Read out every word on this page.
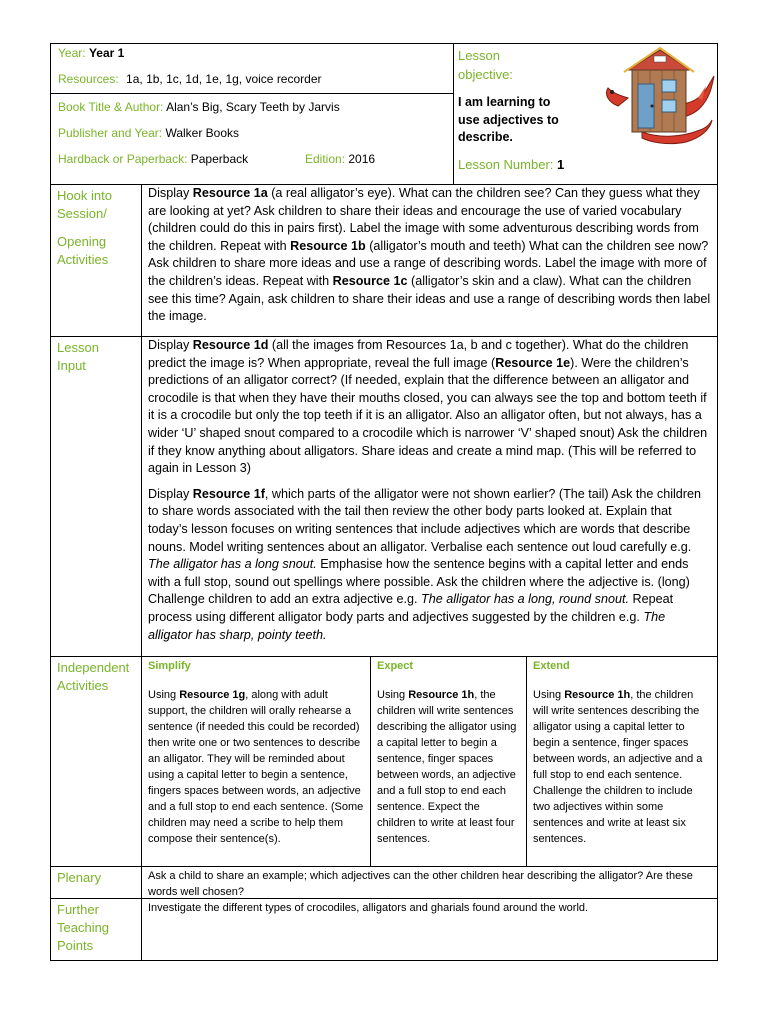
Year: Year 1
Resources: 1a, 1b, 1c, 1d, 1e, 1g, voice recorder
Book Title & Author: Alan’s Big, Scary Teeth by Jarvis
Publisher and Year: Walker Books
Hardback or Paperback: Paperback	Edition: 2016
Lesson objective:
I am learning to use adjectives to describe.
Lesson Number: 1
Hook into Session/
Opening Activities

Display Resource 1a (a real alligator’s eye). What can the children see? Can they guess what they are looking at yet? Ask children to share their ideas and encourage the use of varied vocabulary (children could do this in pairs first). Label the image with some adventurous describing words from the children. Repeat with Resource 1b (alligator’s mouth and teeth) What can the children see now? Ask children to share more ideas and use a range of describing words. Label the image with more of the children’s ideas. Repeat with Resource 1c (alligator’s skin and a claw). What can the children see this time? Again, ask children to share their ideas and use a range of describing words then label the image.

Lesson Input

Display Resource 1d (all the images from Resources 1a, b and c together). What do the children predict the image is? When appropriate, reveal the full image (Resource 1e). Were the children’s predictions of an alligator correct? (If needed, explain that the difference between an alligator and crocodile is that when they have their mouths closed, you can always see the top and bottom teeth if it is a crocodile but only the top teeth if it is an alligator. Also an alligator often, but not always, has a wider ‘U’ shaped snout compared to a crocodile which is narrower ‘V’ shaped snout) Ask the children if they know anything about alligators. Share ideas and create a mind map. (This will be referred to again in Lesson 3)

Display Resource 1f, which parts of the alligator were not shown earlier? (The tail) Ask the children to share words associated with the tail then review the other body parts looked at. Explain that today’s lesson focuses on writing sentences that include adjectives which are words that describe nouns. Model writing sentences about an alligator. Verbalise each sentence out loud carefully e.g. The alligator has a long snout. Emphasise how the sentence begins with a capital letter and ends with a full stop, sound out spellings where possible. Ask the children where the adjective is. (long) Challenge children to add an extra adjective e.g. The alligator has a long, round snout. Repeat process using different alligator body parts and adjectives suggested by the children e.g. The alligator has sharp, pointy teeth.

Independent Activities
Simplify

Using Resource 1g, along with adult support, the children will orally rehearse a sentence (if needed this could be recorded) then write one or two sentences to describe an alligator. They will be reminded about using a capital letter to begin a sentence, fingers spaces between words, an adjective and a full stop to end each sentence. (Some children may need a scribe to help them compose their sentence(s).

Expect

Using Resource 1h, the children will write sentences describing the alligator using a capital letter to begin a sentence, finger spaces between words, an adjective and a full stop to end each sentence. Expect the children to write at least four sentences.

Extend

Using Resource 1h, the children will write sentences describing the alligator using a capital letter to begin a sentence, finger spaces between words, an adjective and a full stop to end each sentence. Challenge the children to include two adjectives within some sentences and write at least six sentences.

Plenary	Ask a child to share an example; which adjectives can the other children hear describing the alligator? Are these words well chosen?
Further Teaching Points
Investigate the different types of crocodiles, alligators and gharials found around the world.
